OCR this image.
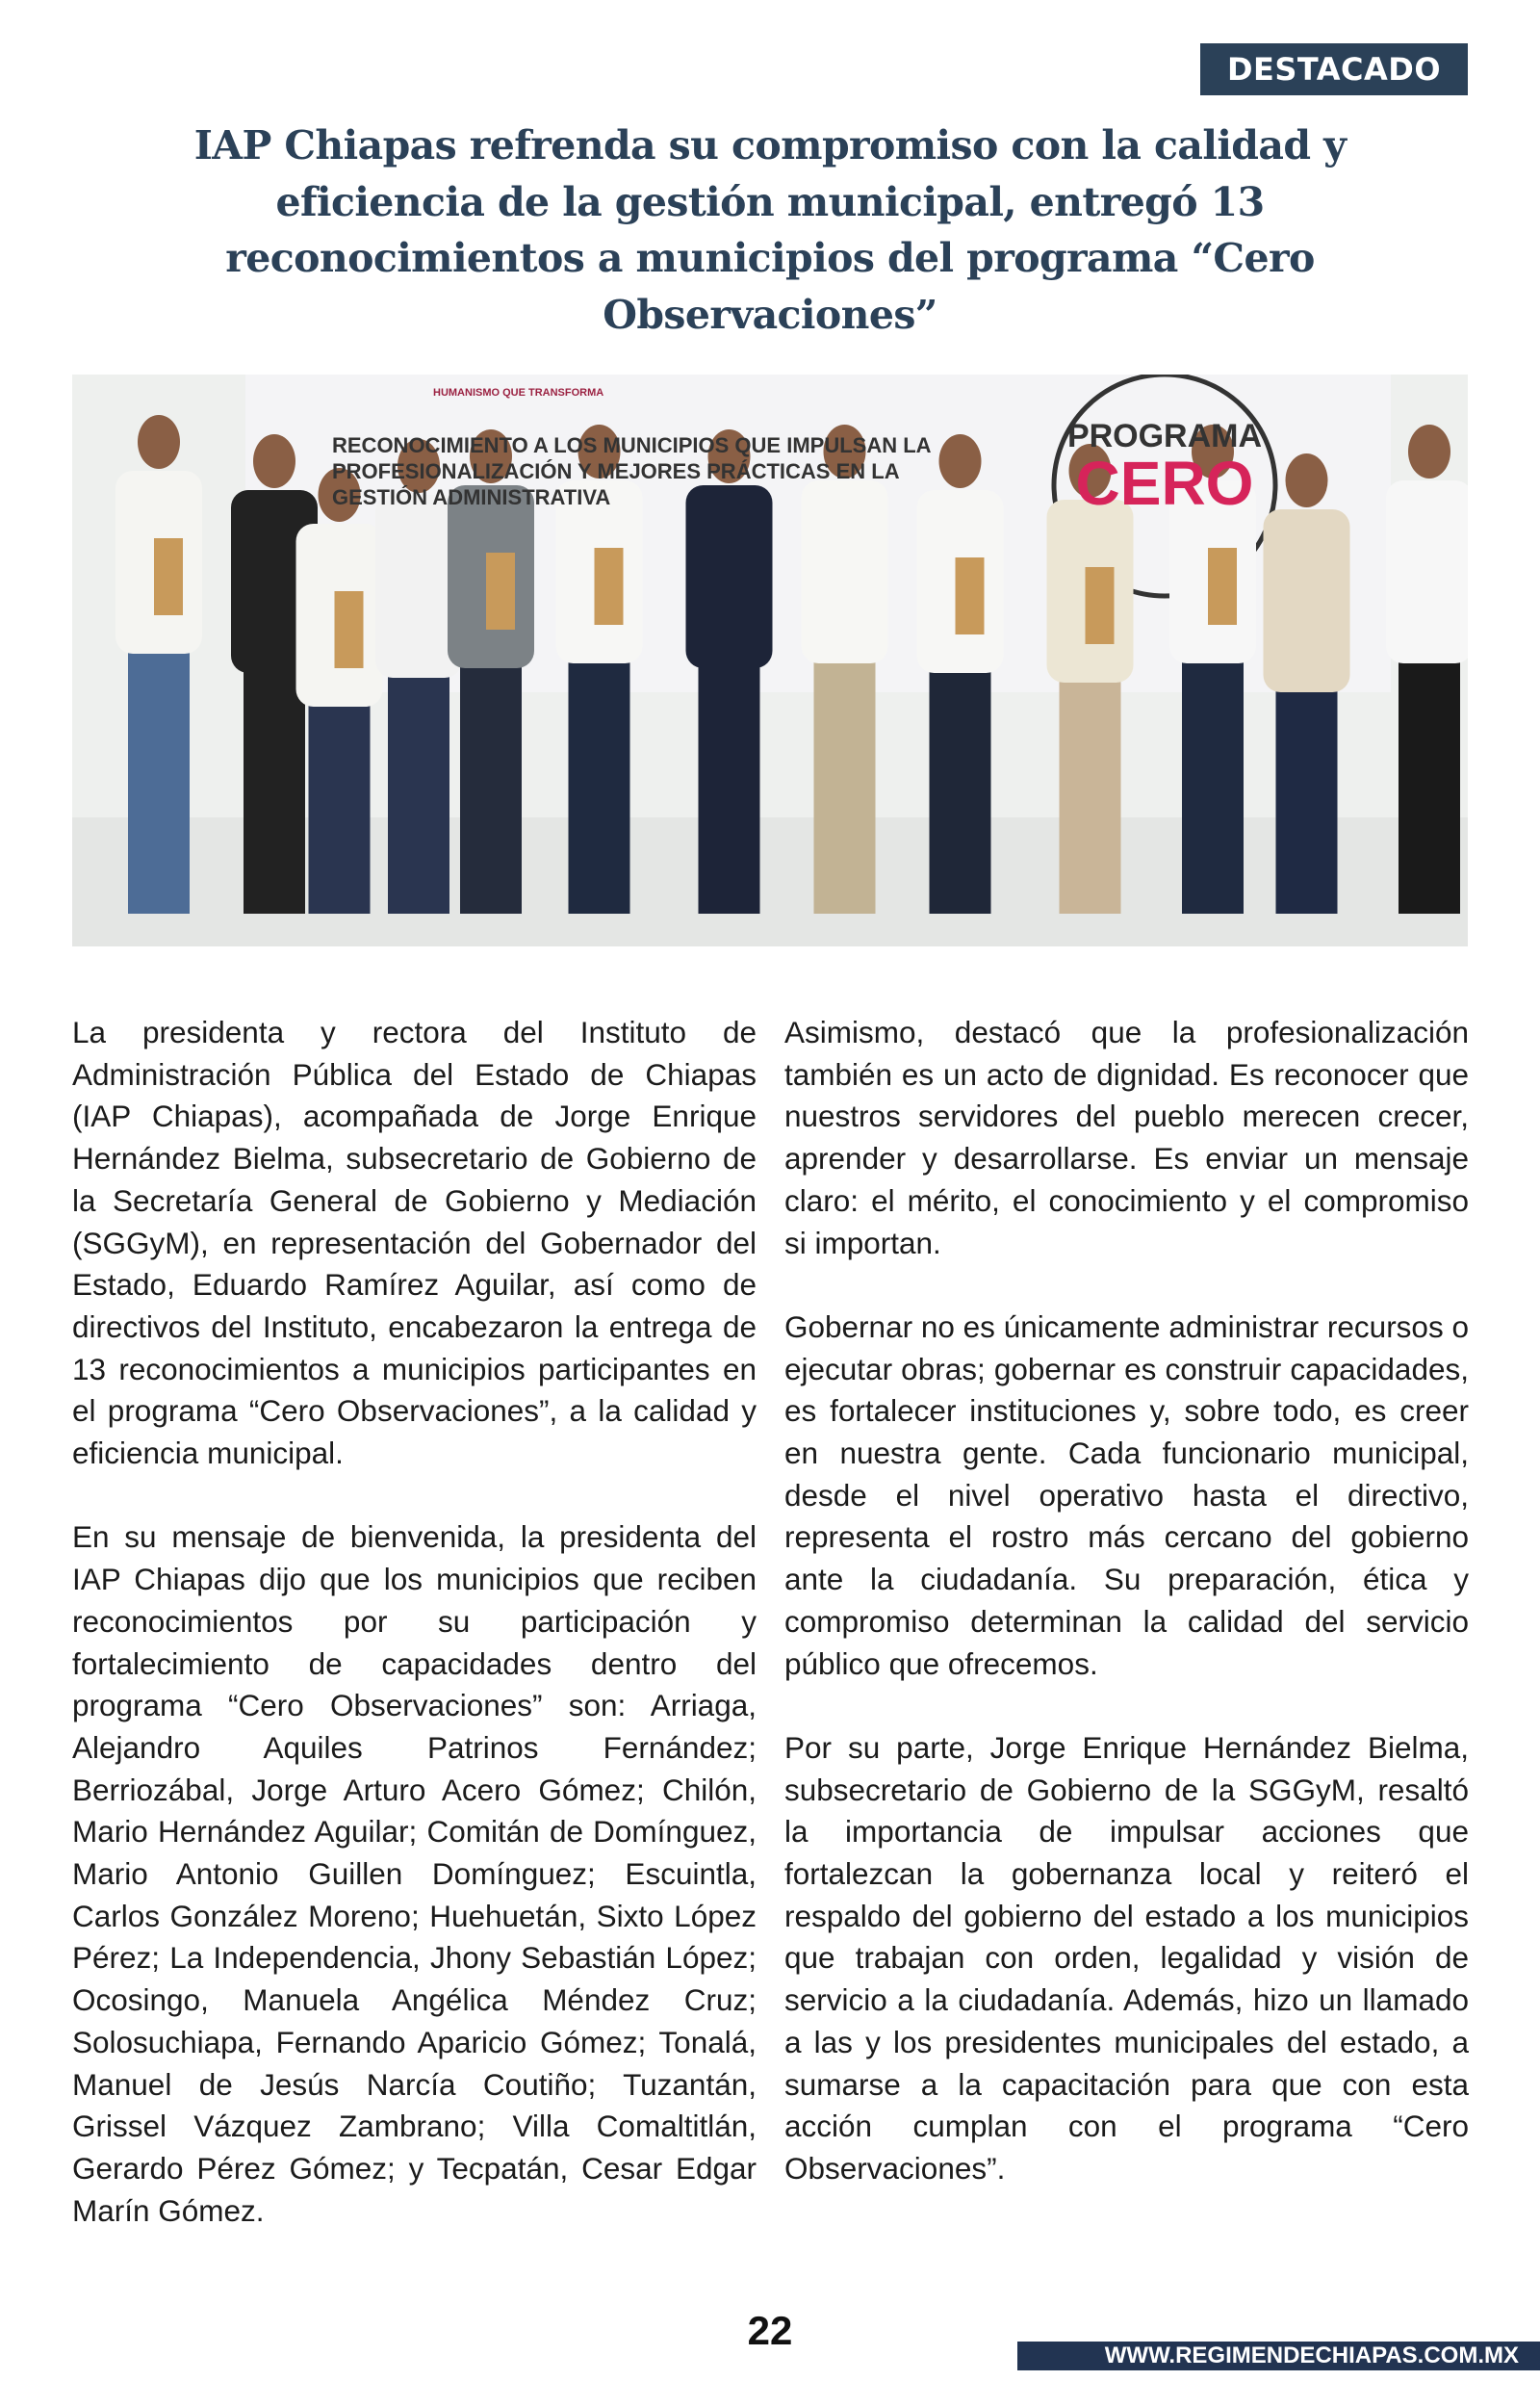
DESTACADO
IAP Chiapas refrenda su compromiso con la calidad y eficiencia de la gestión municipal, entregó 13 reconocimientos a municipios del programa “Cero Observaciones”
HUMANISMO QUE TRANSFORMA
RECONOCIMIENTO A LOS MUNICIPIOS QUE IMPULSAN LA PROFESIONALIZACIÓN Y MEJORES PRÁCTICAS EN LA GESTIÓN ADMINISTRATIVA
PROGRAMA
CERO

La presidenta y rectora del Instituto de Administración Pública del Estado de Chiapas (IAP Chiapas), acompañada de Jorge Enrique Hernández Bielma, subsecretario de Gobierno de la Secretaría General de Gobierno y Mediación (SGGyM), en representación del Gobernador del Estado, Eduardo Ramírez Aguilar, así como de directivos del Instituto, encabezaron la entrega de 13 reconocimientos a municipios participantes en el programa “Cero Observaciones”, a la calidad y eficiencia municipal.

En su mensaje de bienvenida, la presidenta del IAP Chiapas dijo que los municipios que reciben reconocimientos por su participación y fortalecimiento de capacidades dentro del programa “Cero Observaciones” son: Arriaga, Alejandro Aquiles Patrinos Fernández; Berriozábal, Jorge Arturo Acero Gómez; Chilón, Mario Hernández Aguilar; Comitán de Domínguez, Mario Antonio Guillen Domínguez; Escuintla, Carlos González Moreno; Huehuetán, Sixto López Pérez; La Independencia, Jhony Sebastián López; Ocosingo, Manuela Angélica Méndez Cruz; Solosuchiapa, Fernando Aparicio Gómez; Tonalá, Manuel de Jesús Narcía Coutiño; Tuzantán, Grissel Vázquez Zambrano; Villa Comaltitlán, Gerardo Pérez Gómez; y Tecpatán, Cesar Edgar Marín Gómez.

Asimismo, destacó que la profesionalización también es un acto de dignidad. Es reconocer que nuestros servidores del pueblo merecen crecer, aprender y desarrollarse. Es enviar un mensaje claro: el mérito, el conocimiento y el compromiso si importan.

Gobernar no es únicamente administrar recursos o ejecutar obras; gobernar es construir capacidades, es fortalecer instituciones y, sobre todo, es creer en nuestra gente. Cada funcionario municipal, desde el nivel operativo hasta el directivo, representa el rostro más cercano del gobierno ante la ciudadanía. Su preparación, ética y compromiso determinan la calidad del servicio público que ofrecemos.

Por su parte, Jorge Enrique Hernández Bielma, subsecretario de Gobierno de la SGGyM, resaltó la importancia de impulsar acciones que fortalezcan la gobernanza local y reiteró el respaldo del gobierno del estado a los municipios que trabajan con orden, legalidad y visión de servicio a la ciudadanía. Además, hizo un llamado a las y los presidentes municipales del estado, a sumarse a la capacitación para que con esta acción cumplan con el programa “Cero Observaciones”.

22
WWW.REGIMENDECHIAPAS.COM.MX
